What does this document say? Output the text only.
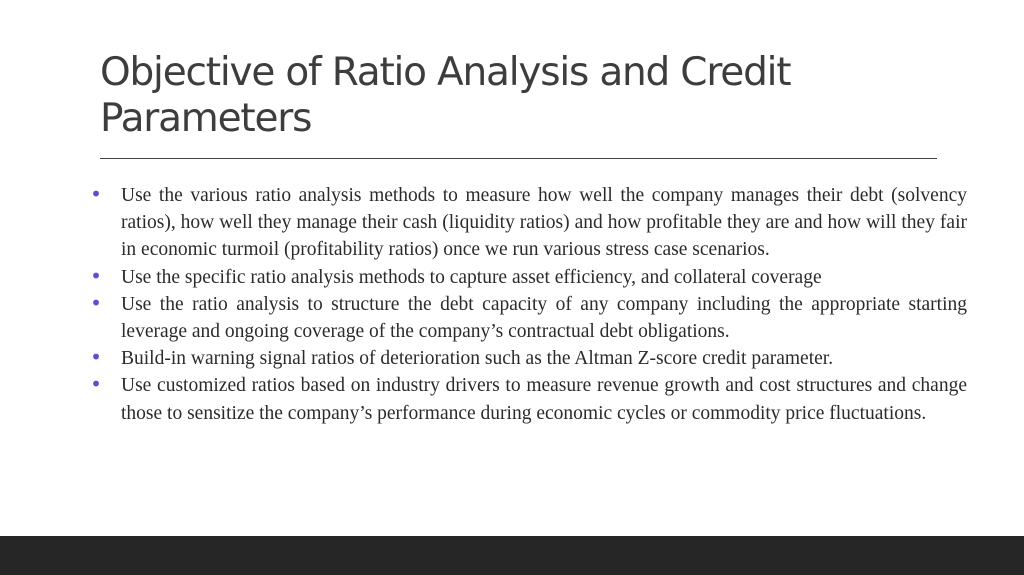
Objective of Ratio Analysis and Credit Parameters
• Use the various ratio analysis methods to measure how well the company manages their debt (solvency ratios), how well they manage their cash (liquidity ratios) and how profitable they are and how will they fair in economic turmoil (profitability ratios) once we run various stress case scenarios.
• Use the specific ratio analysis methods to capture asset efficiency, and collateral coverage
• Use the ratio analysis to structure the debt capacity of any company including the appropriate starting leverage and ongoing coverage of the company’s contractual debt obligations.
• Build-in warning signal ratios of deterioration such as the Altman Z-score credit parameter.
• Use customized ratios based on industry drivers to measure revenue growth and cost structures and change those to sensitize the company’s performance during economic cycles or commodity price fluctuations.
